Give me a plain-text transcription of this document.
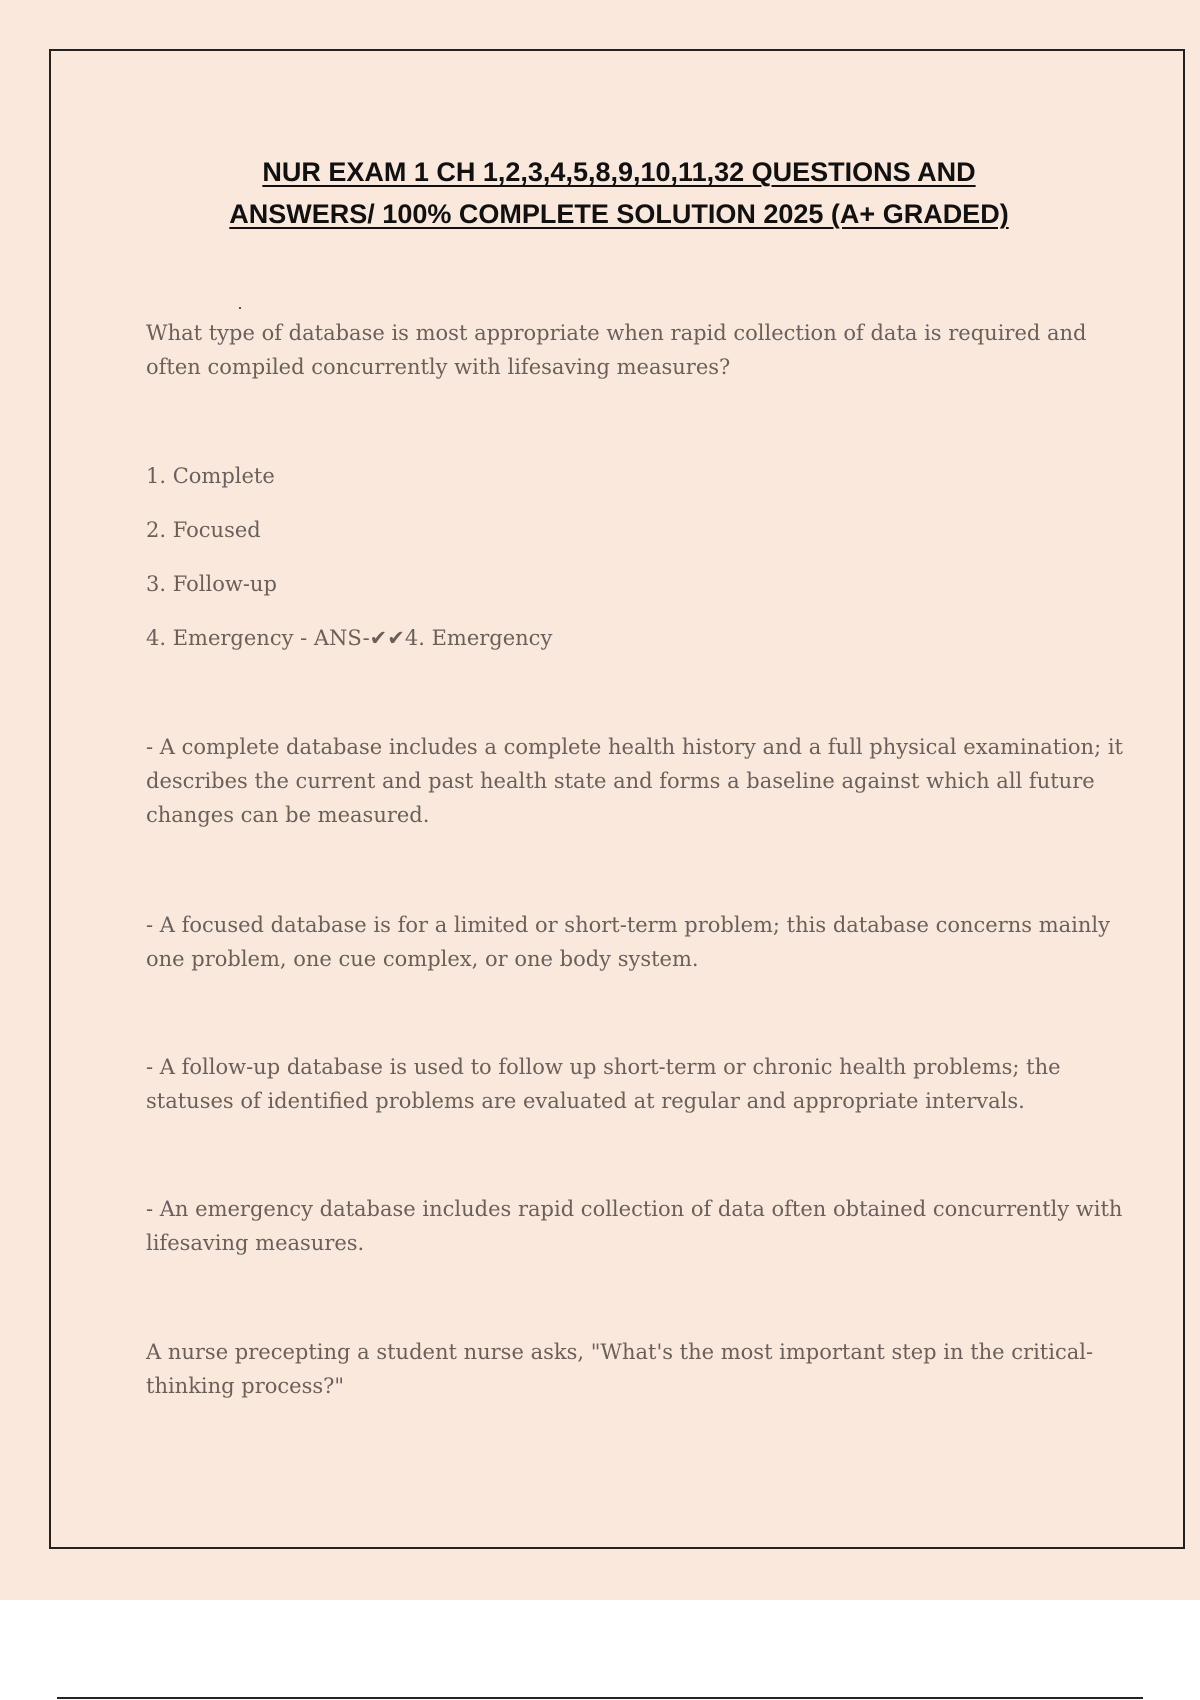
NUR EXAM 1 CH 1,2,3,4,5,8,9,10,11,32 QUESTIONS AND
ANSWERS/ 100% COMPLETE SOLUTION 2025 (A+ GRADED)

What type of database is most appropriate when rapid collection of data is required and often compiled concurrently with lifesaving measures?

1. Complete

2. Focused

3. Follow-up

4. Emergency - ANS-✔✔4. Emergency

- A complete database includes a complete health history and a full physical examination; it describes the current and past health state and forms a baseline against which all future changes can be measured.

- A focused database is for a limited or short-term problem; this database concerns mainly one problem, one cue complex, or one body system.

- A follow-up database is used to follow up short-term or chronic health problems; the statuses of identified problems are evaluated at regular and appropriate intervals.

- An emergency database includes rapid collection of data often obtained concurrently with lifesaving measures.

A nurse precepting a student nurse asks, "What's the most important step in the critical-thinking process?"
